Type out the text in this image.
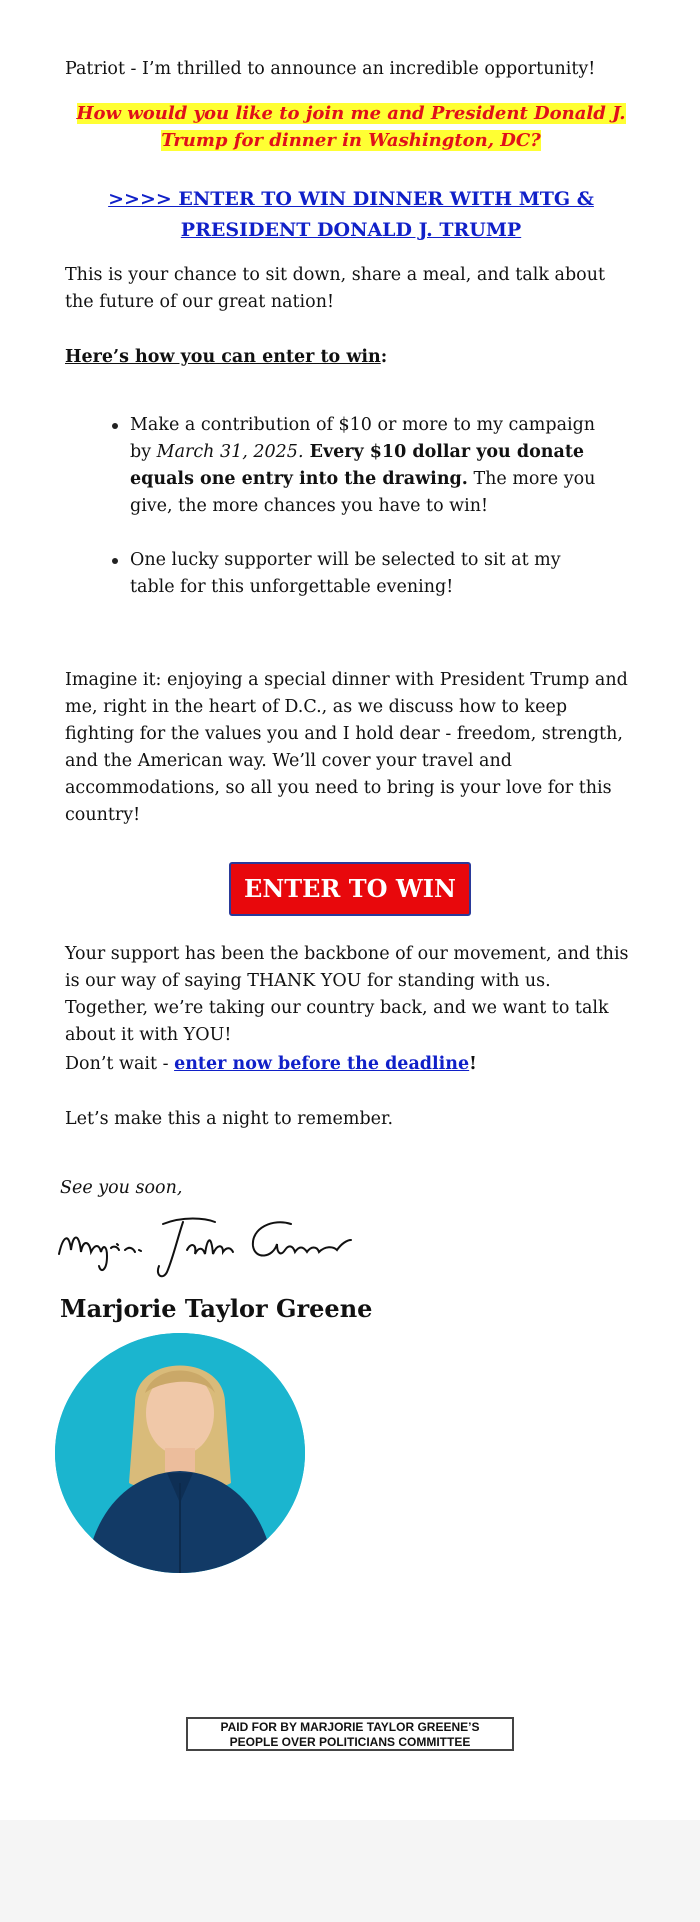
Patriot - I’m thrilled to announce an incredible opportunity!
How would you like to join me and President Donald J. Trump for dinner in Washington, DC?
>>>> ENTER TO WIN DINNER WITH MTG & PRESIDENT DONALD J. TRUMP
This is your chance to sit down, share a meal, and talk about the future of our great nation!
Here’s how you can enter to win:
Make a contribution of $10 or more to my campaign by March 31, 2025. Every $10 dollar you donate equals one entry into the drawing. The more you give, the more chances you have to win!
One lucky supporter will be selected to sit at my table for this unforgettable evening!
Imagine it: enjoying a special dinner with President Trump and me, right in the heart of D.C., as we discuss how to keep fighting for the values you and I hold dear - freedom, strength, and the American way. We’ll cover your travel and accommodations, so all you need to bring is your love for this country!
ENTER TO WIN
Your support has been the backbone of our movement, and this is our way of saying THANK YOU for standing with us. Together, we’re taking our country back, and we want to talk about it with YOU!
Don’t wait - enter now before the deadline!
Let’s make this a night to remember.
See you soon,
Marjorie Taylor Greene
PAID FOR BY MARJORIE TAYLOR GREENE’S
PEOPLE OVER POLITICIANS COMMITTEE
